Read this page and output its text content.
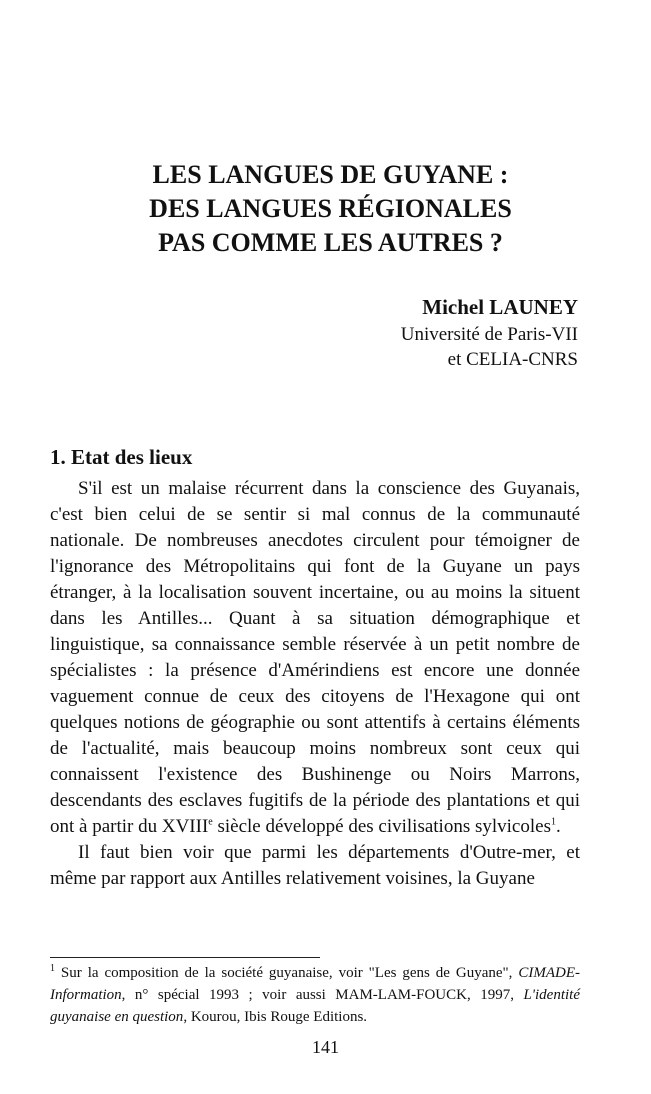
LES LANGUES DE GUYANE :
DES LANGUES RÉGIONALES
PAS COMME LES AUTRES ?
Michel LAUNEY
Université de Paris-VII
et CELIA-CNRS
1. Etat des lieux

S'il est un malaise récurrent dans la conscience des Guyanais, c'est bien celui de se sentir si mal connus de la communauté nationale. De nombreuses anecdotes circulent pour témoigner de l'ignorance des Métropolitains qui font de la Guyane un pays étranger, à la localisation souvent incertaine, ou au moins la situent dans les Antilles... Quant à sa situation démographique et linguistique, sa connaissance semble réservée à un petit nombre de spécialistes : la présence d'Amérindiens est encore une donnée vaguement connue de ceux des citoyens de l'Hexagone qui ont quelques notions de géographie ou sont attentifs à certains éléments de l'actualité, mais beaucoup moins nombreux sont ceux qui connaissent l'existence des Bushinenge ou Noirs Marrons, descendants des esclaves fugitifs de la période des plantations et qui ont à partir du XVIIIe siècle développé des civilisations sylvicoles$^1$.

Il faut bien voir que parmi les départements d'Outre-mer, et même par rapport aux Antilles relativement voisines, la Guyane

$^1$ Sur la composition de la société guyanaise, voir "Les gens de Guyane", CIMADE-Information, n° spécial 1993 ; voir aussi MAM-LAM-FOUCK, 1997, L'identité guyanaise en question, Kourou, Ibis Rouge Editions.
141
